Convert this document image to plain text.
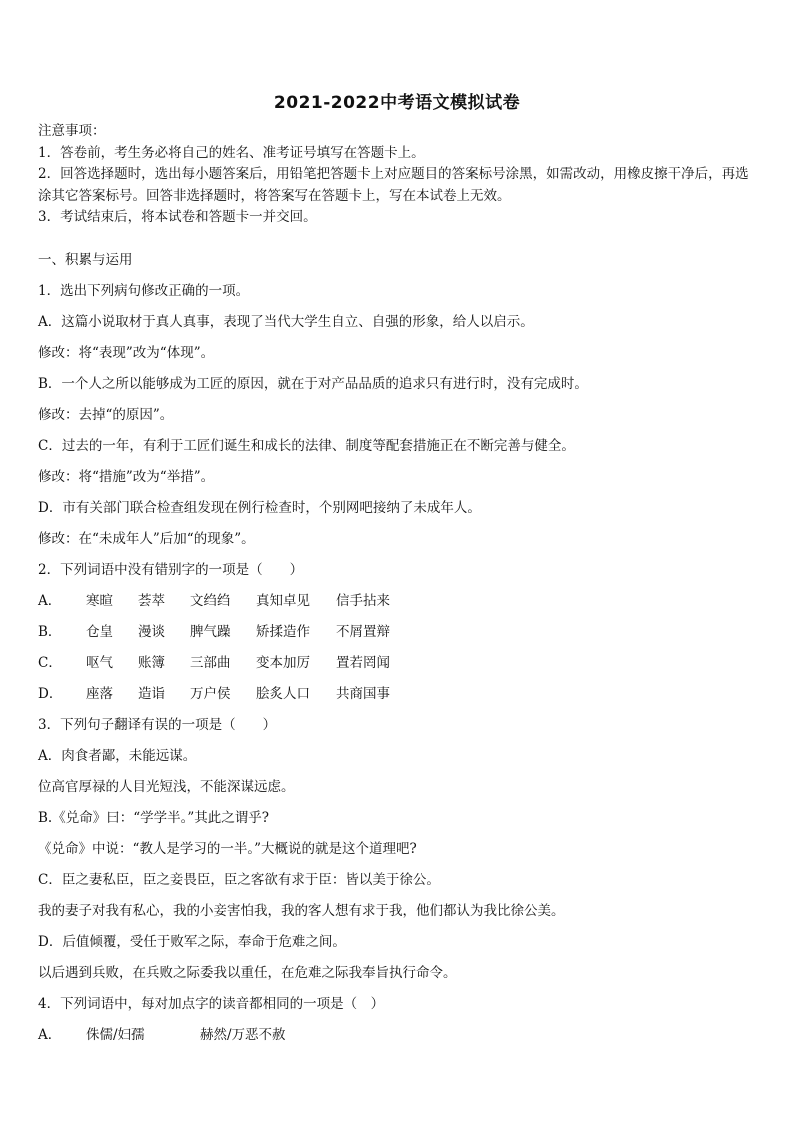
2021-2022中考语文模拟试卷
注意事项：
1．答卷前，考生务必将自己的姓名、准考证号填写在答题卡上。
2．回答选择题时，选出每小题答案后，用铅笔把答题卡上对应题目的答案标号涂黑，如需改动，用橡皮擦干净后，再选涂其它答案标号。回答非选择题时，将答案写在答题卡上，写在本试卷上无效。
3．考试结束后，将本试卷和答题卡一并交回。
一、积累与运用
1．选出下列病句修改正确的一项。
A．这篇小说取材于真人真事，表现了当代大学生自立、自强的形象，给人以启示。
修改：将“表现”改为“体现”。
B．一个人之所以能够成为工匠的原因，就在于对产品品质的追求只有进行时，没有完成时。
修改：去掉“的原因”。
C．过去的一年，有利于工匠们诞生和成长的法律、制度等配套措施正在不断完善与健全。
修改：将“措施”改为“举措”。
D．市有关部门联合检查组发现在例行检查时，个别网吧接纳了未成年人。
修改：在“未成年人”后加“的现象”。
2．下列词语中没有错别字的一项是（　　）
A．	寒暄	荟萃	文绉绉	真知卓见	信手拈来
B．	仓皇	漫谈	脾气躁	矫揉造作	不屑置辩
C．	呕气	账簿	三部曲	变本加厉	置若罔闻
D．	座落	造诣	万户侯	脍炙人口	共商国事
3．下列句子翻译有误的一项是（　　）
A．肉食者鄙，未能远谋。
位高官厚禄的人目光短浅，不能深谋远虑。
B.《兑命》曰：“学学半。”其此之谓乎?
《兑命》中说：“教人是学习的一半。”大概说的就是这个道理吧?
C．臣之妻私臣，臣之妾畏臣，臣之客欲有求于臣：皆以美于徐公。
我的妻子对我有私心，我的小妾害怕我，我的客人想有求于我，他们都认为我比徐公美。
D．后值倾覆，受任于败军之际，奉命于危难之间。
以后遇到兵败，在兵败之际委我以重任，在危难之际我奉旨执行命令。
4．下列词语中，每对加点字的读音都相同的一项是（　）
A．	侏儒/妇孺	赫然/万恶不赦
